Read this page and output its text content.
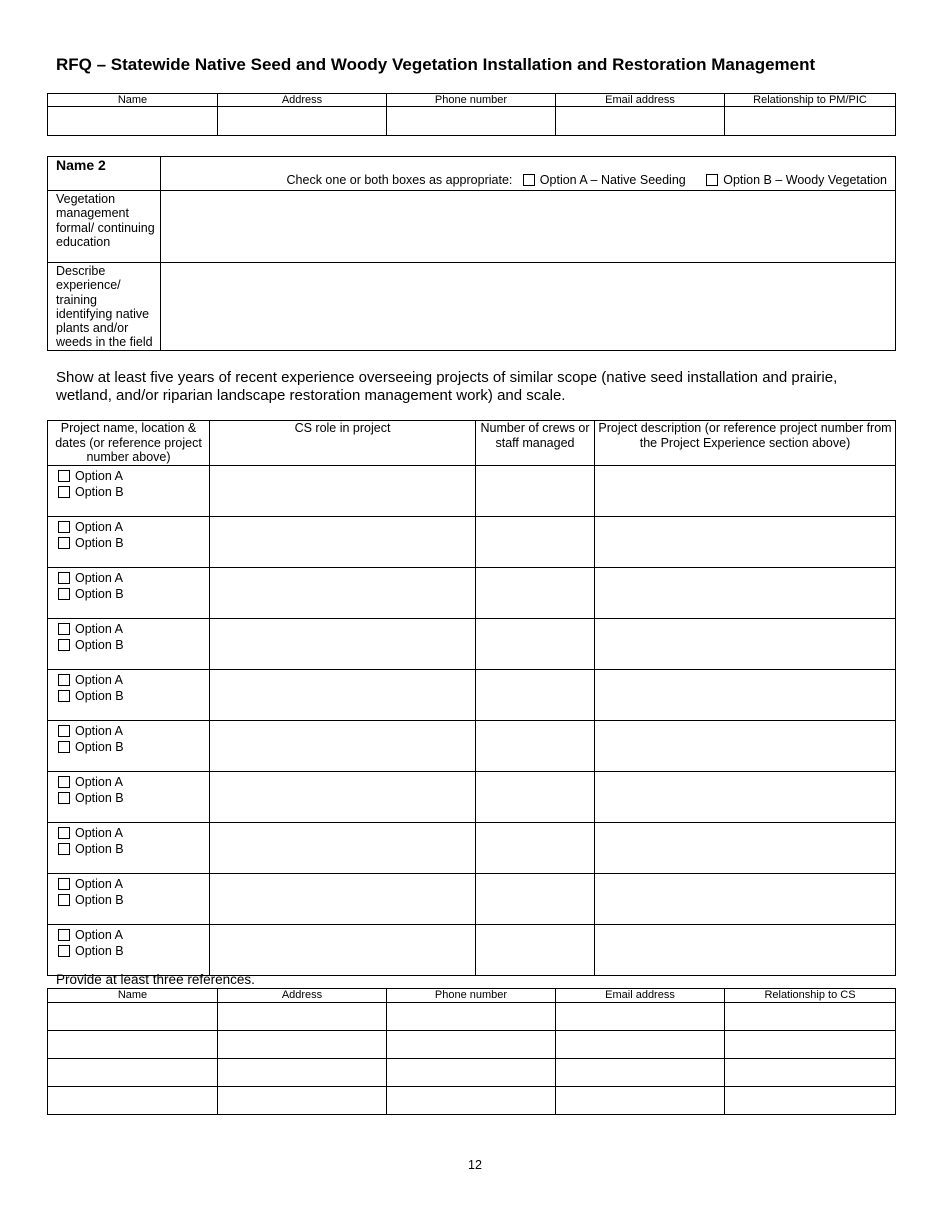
RFQ – Statewide Native Seed and Woody Vegetation Installation and Restoration Management
Name	Address	Phone number	Email address	Relationship to PM/PIC

Name 2	Check one or both boxes as appropriate: Option A – Native Seeding Option B – Woody Vegetation
Vegetation management formal/ continuing education	
Describe experience/ training identifying native plants and/or weeds in the field	
Show at least five years of recent experience overseeing projects of similar scope (native seed installation and prairie, wetland, and/or riparian landscape restoration management work) and scale.
Project name, location & dates (or reference project number above)	CS role in project	Number of crews or staff managed	Project description (or reference project number from the Project Experience section above)

Option A
Option B			

Option A
Option B			

Option A
Option B			

Option A
Option B			

Option A
Option B			

Option A
Option B			

Option A
Option B			

Option A
Option B			

Option A
Option B			

Option A
Option B			

Provide at least three references.
Name	Address	Phone number	Email address	Relationship to CS

12
